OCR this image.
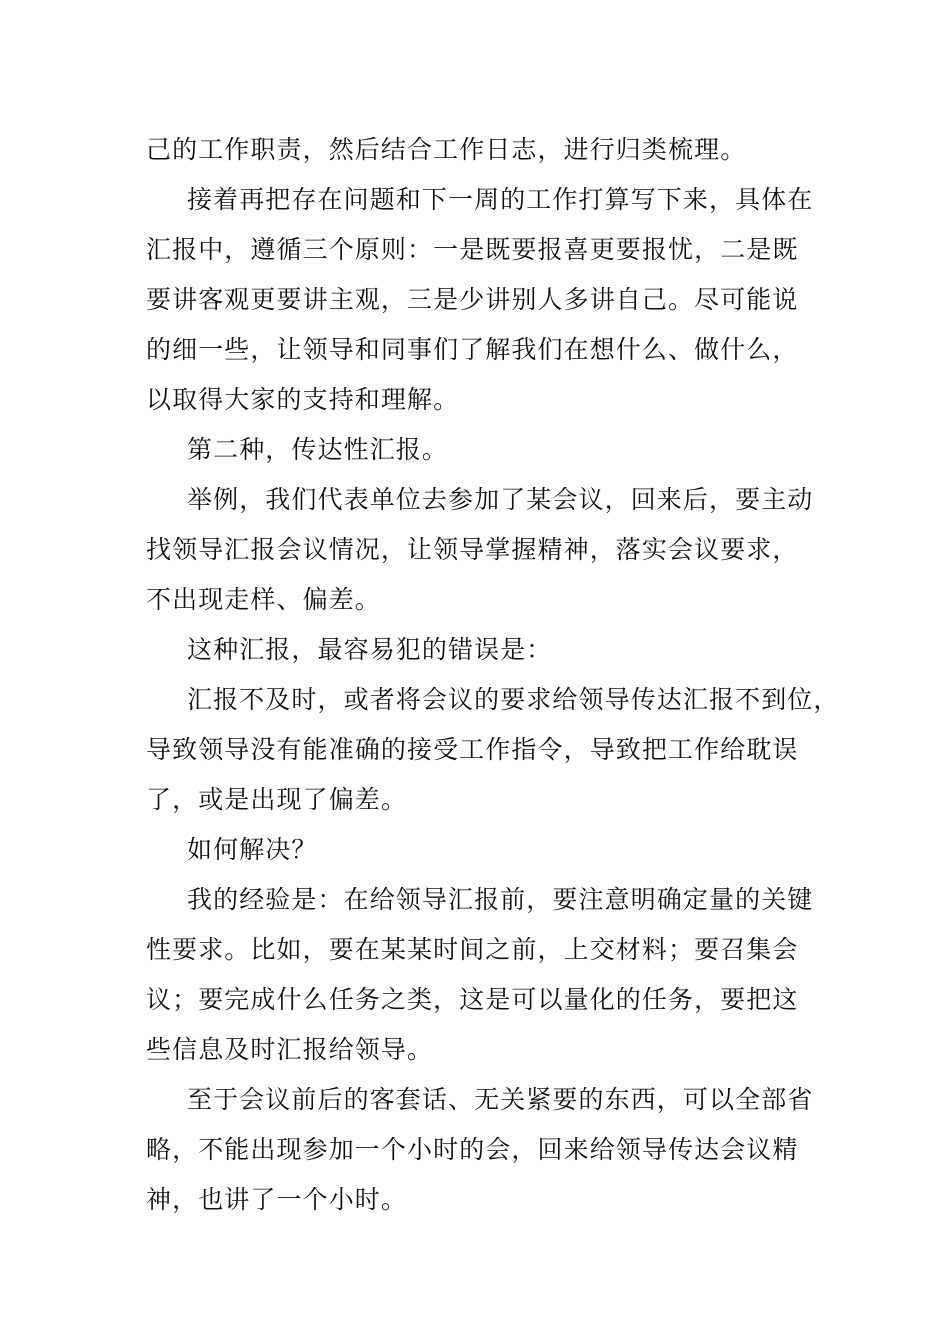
己的工作职责，然后结合工作日志，进行归类梳理。
接着再把存在问题和下一周的工作打算写下来，具体在
汇报中，遵循三个原则：一是既要报喜更要报忧，二是既
要讲客观更要讲主观，三是少讲别人多讲自己。尽可能说
的细一些，让领导和同事们了解我们在想什么、做什么，
以取得大家的支持和理解。
第二种，传达性汇报。
举例，我们代表单位去参加了某会议，回来后，要主动
找领导汇报会议情况，让领导掌握精神，落实会议要求，
不出现走样、偏差。
这种汇报，最容易犯的错误是：
汇报不及时，或者将会议的要求给领导传达汇报不到位，
导致领导没有能准确的接受工作指令，导致把工作给耽误
了，或是出现了偏差。
如何解决？
我的经验是：在给领导汇报前，要注意明确定量的关键
性要求。比如，要在某某时间之前，上交材料；要召集会
议；要完成什么任务之类，这是可以量化的任务，要把这
些信息及时汇报给领导。
至于会议前后的客套话、无关紧要的东西，可以全部省
略，不能出现参加一个小时的会，回来给领导传达会议精
神，也讲了一个小时。
